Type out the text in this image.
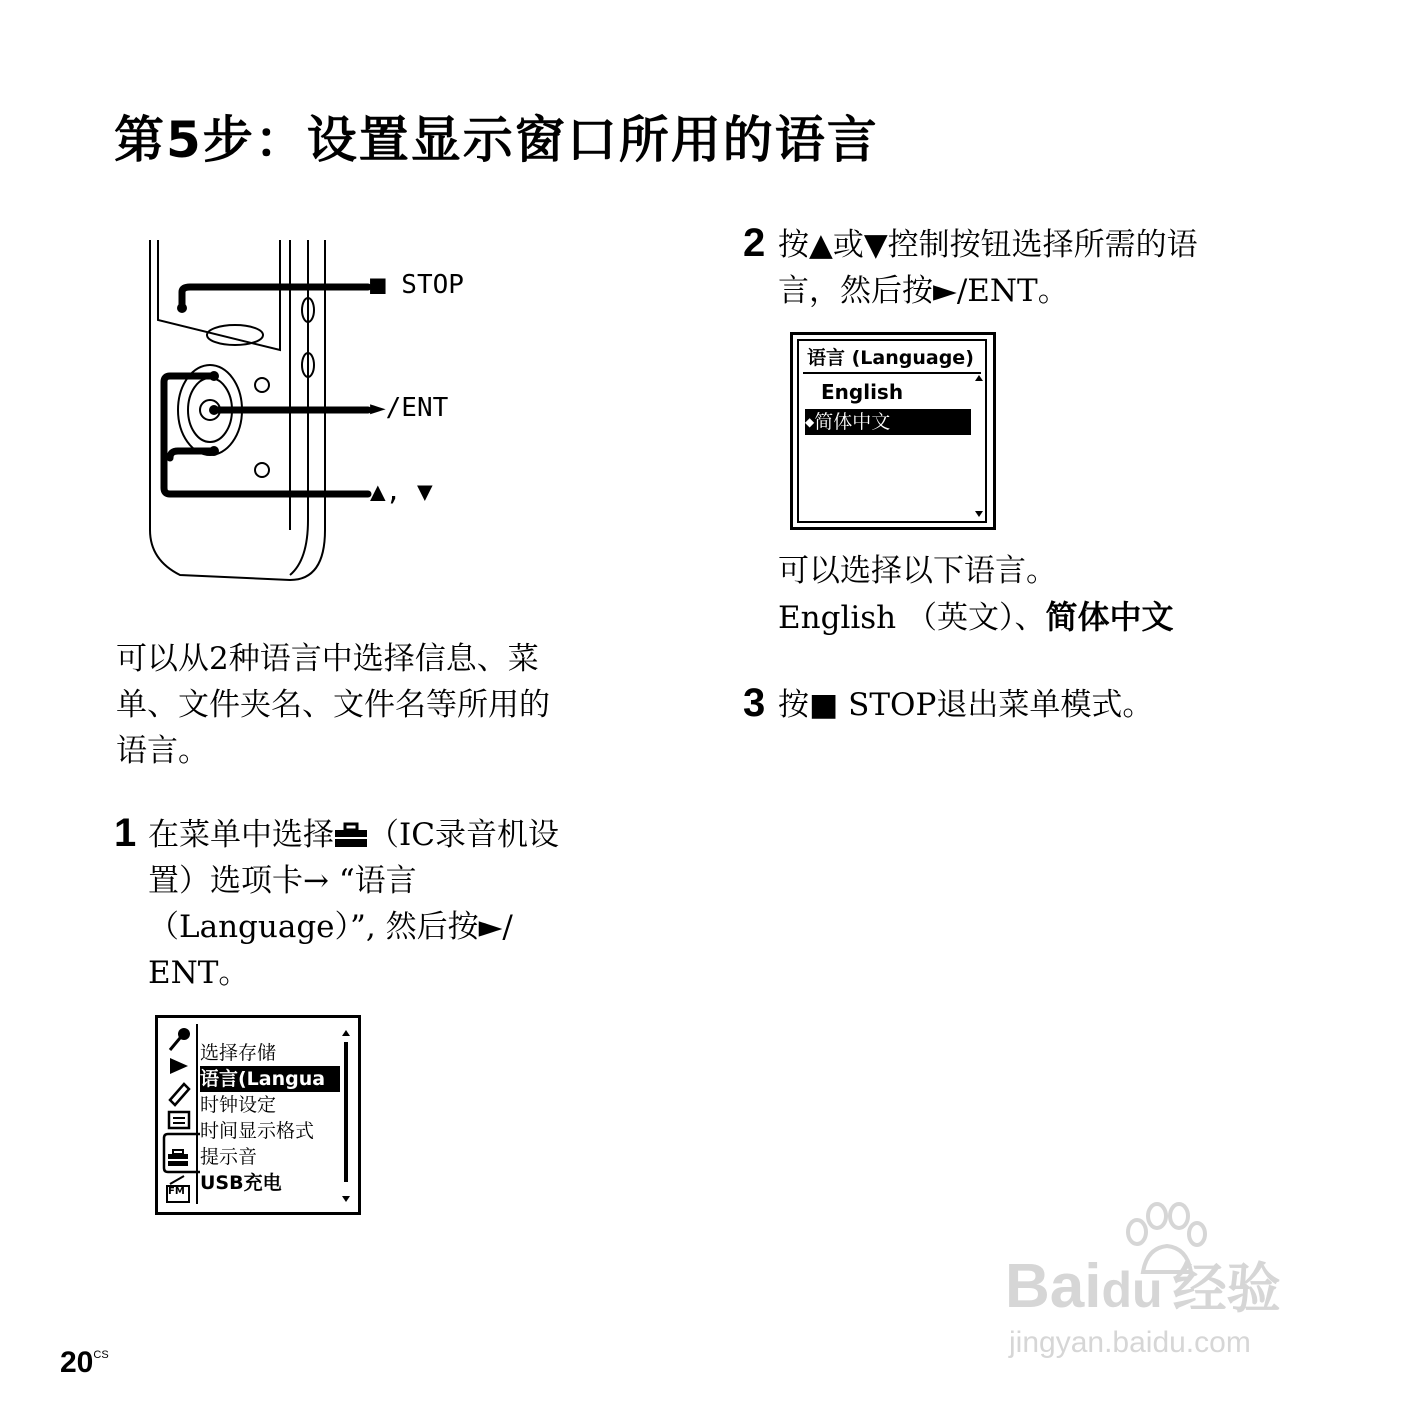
第5步：设置显示窗口所用的语言
■ STOP
►/ENT
▲, ▼
可以从2种语言中选择信息、菜
单、文件夹名、文件名等所用的
语言。
1 在菜单中选择 （IC录音机设
置）选项卡→ “语言
（Language）”, 然后按►/
ENT。
FM
选择存储
语言(Langua
时钟设定
时间显示格式
提示音
USB充电
2 按▲或▼控制按钮选择所需的语
言，然后按►/ENT。
语言 (Language)
English
◆简体中文
可以选择以下语言。
English （英文）、简体中文
3 按■ STOP退出菜单模式。
$20^{CS}$
Baidu 经验
jingyan.baidu.com
